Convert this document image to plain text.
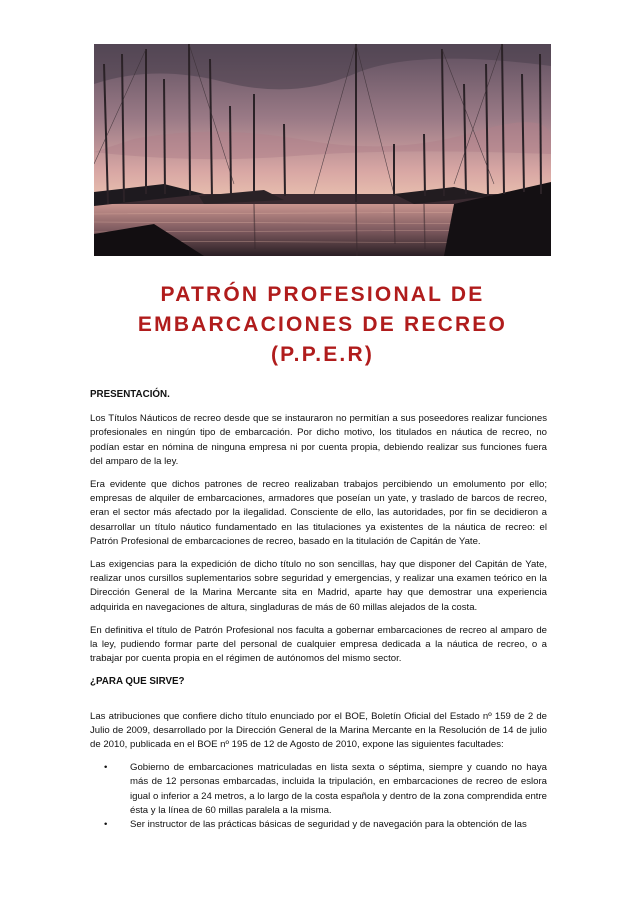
PATRÓN PROFESIONAL DE
EMBARCACIONES DE RECREO
(P.P.E.R)
PRESENTACIÓN.

Los Títulos Náuticos de recreo desde que se instauraron no permitían a sus poseedores realizar funciones profesionales en ningún tipo de embarcación. Por dicho motivo, los titulados en náutica de recreo, no podían estar en nómina de ninguna empresa ni por cuenta propia, debiendo realizar sus funciones fuera del amparo de la ley.

Era evidente que dichos patrones de recreo realizaban trabajos percibiendo un emolumento por ello; empresas de alquiler de embarcaciones, armadores que poseían un yate, y traslado de barcos de recreo, eran el sector más afectado por la ilegalidad. Consciente de ello, las autoridades, por fin se decidieron a desarrollar un título náutico fundamentado en las titulaciones ya existentes de la náutica de recreo: el Patrón Profesional de embarcaciones de recreo, basado en la titulación de Capitán de Yate.

Las exigencias para la expedición de dicho título no son sencillas, hay que disponer del Capitán de Yate, realizar unos cursillos suplementarios sobre seguridad y emergencias, y realizar una examen teórico en la Dirección General de la Marina Mercante sita en Madrid, aparte hay que demostrar una experiencia adquirida en navegaciones de altura, singladuras de más de 60 millas alejados de la costa.

En definitiva el título de Patrón Profesional nos faculta a gobernar embarcaciones de recreo al amparo de la ley, pudiendo formar parte del personal de cualquier empresa dedicada a la náutica de recreo, o a trabajar por cuenta propia en el régimen de autónomos del mismo sector.

¿PARA QUE SIRVE?

Las atribuciones que confiere dicho título enunciado por el BOE, Boletín Oficial del Estado nº 159 de 2 de Julio de 2009, desarrollado por la Dirección General de la Marina Mercante en la Resolución de 14 de julio de 2010, publicada en el BOE nº 195 de 12 de Agosto de 2010, expone las siguientes facultades:

• Gobierno de embarcaciones matriculadas en lista sexta o séptima, siempre y cuando no haya más de 12 personas embarcadas, incluida la tripulación, en embarcaciones de recreo de eslora igual o inferior a 24 metros, a lo largo de la costa española y dentro de la zona comprendida entre ésta y la línea de 60 millas paralela a la misma.
• Ser instructor de las prácticas básicas de seguridad y de navegación para la obtención de las
